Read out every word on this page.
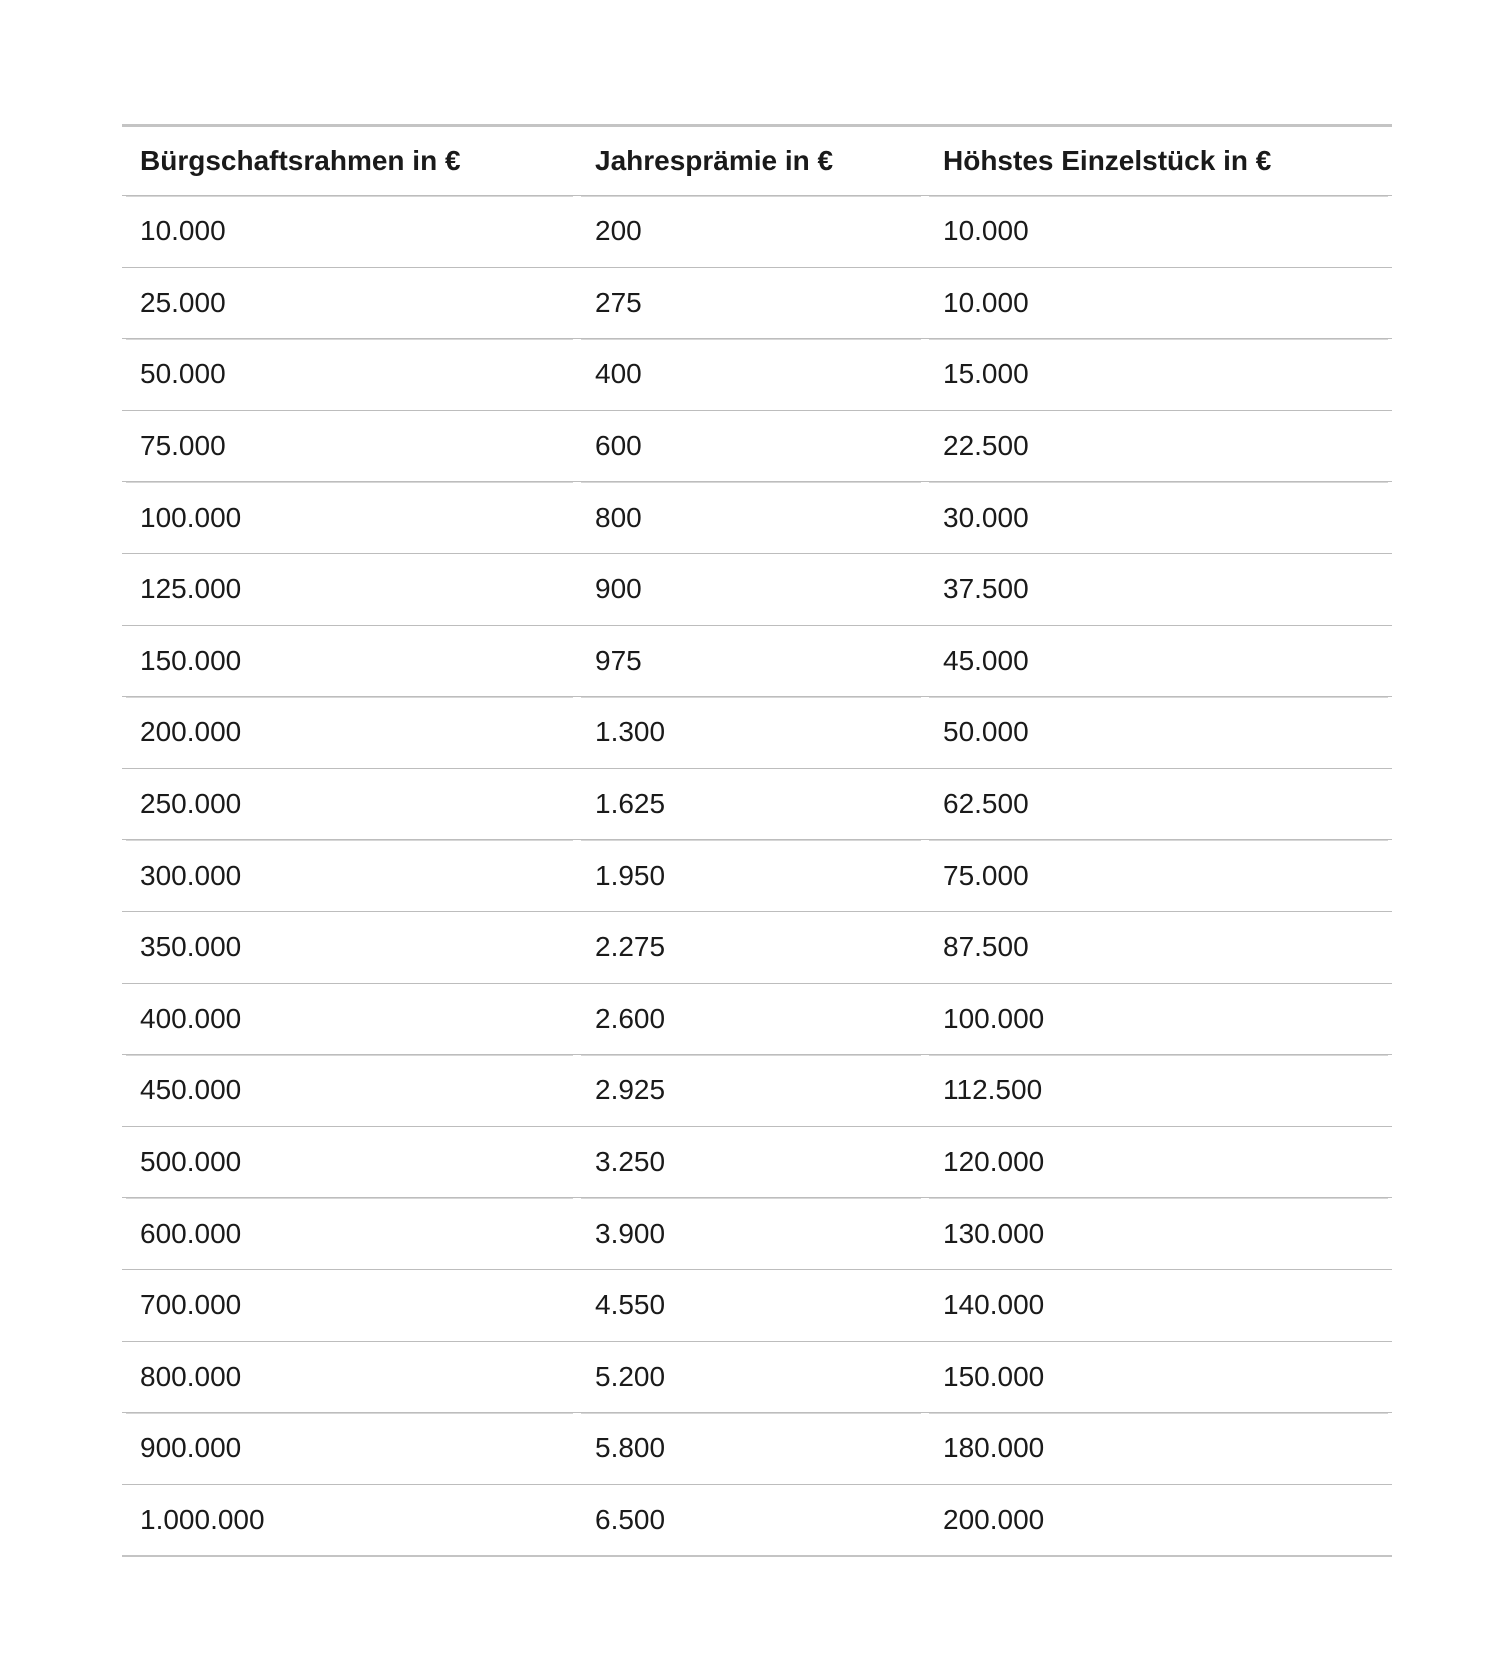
Bürgschaftsrahmen in €	Jahresprämie in €	Höhstes Einzelstück in €
10.000	200	10.000
25.000	275	10.000
50.000	400	15.000
75.000	600	22.500
100.000	800	30.000
125.000	900	37.500
150.000	975	45.000
200.000	1.300	50.000
250.000	1.625	62.500
300.000	1.950	75.000
350.000	2.275	87.500
400.000	2.600	100.000
450.000	2.925	112.500
500.000	3.250	120.000
600.000	3.900	130.000
700.000	4.550	140.000
800.000	5.200	150.000
900.000	5.800	180.000
1.000.000	6.500	200.000
